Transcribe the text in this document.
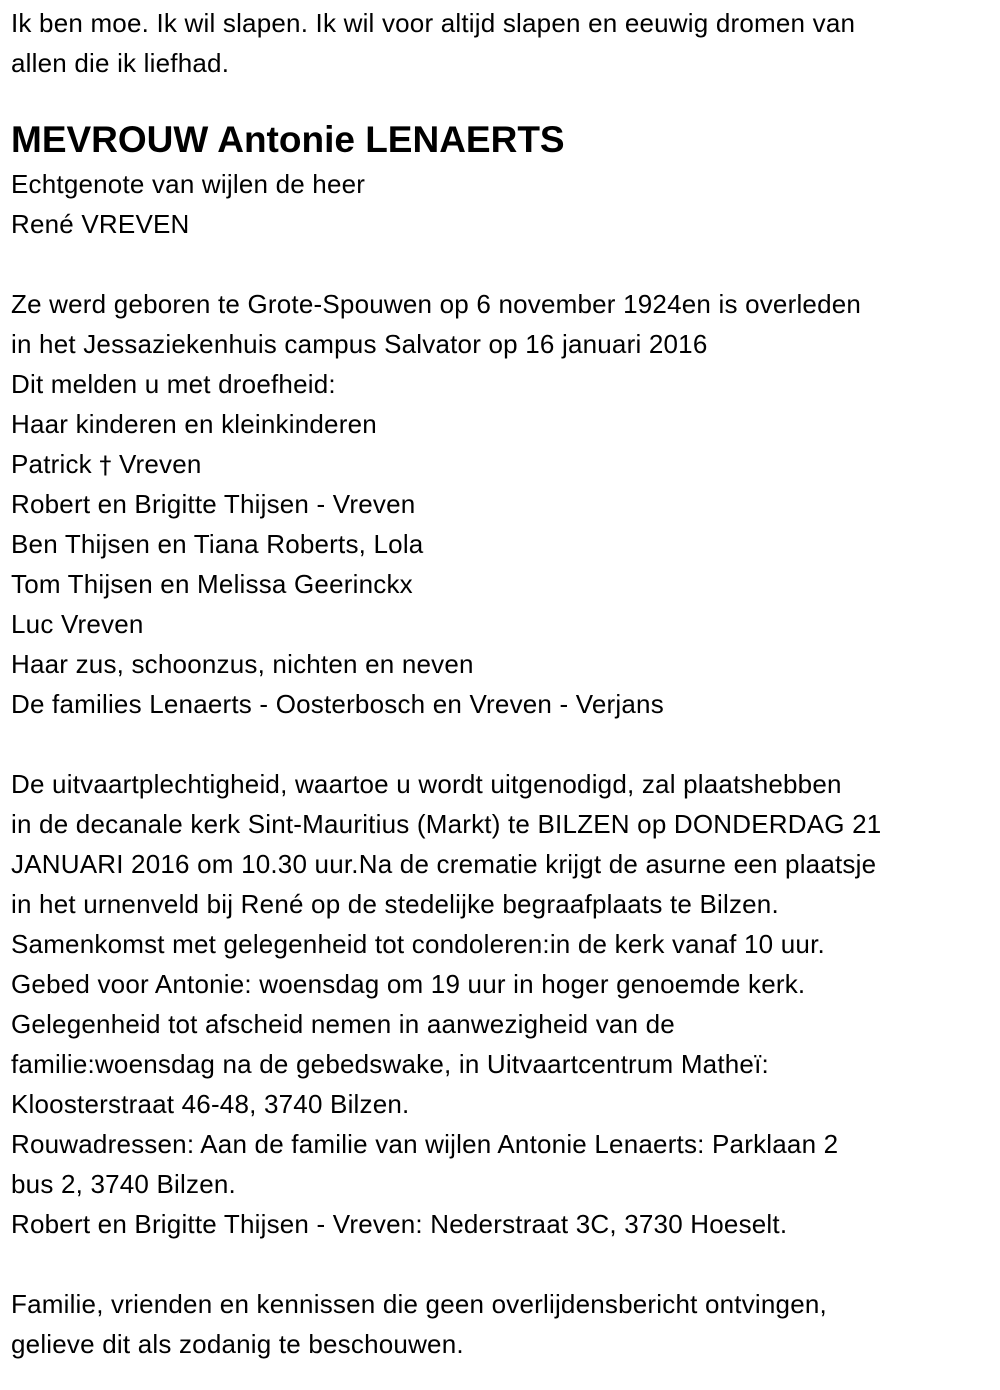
Ik ben moe. Ik wil slapen. Ik wil voor altijd slapen en eeuwig dromen van
allen die ik liefhad.
MEVROUW Antonie LENAERTS
Echtgenote van wijlen de heer
René VREVEN
Ze werd geboren te Grote-Spouwen op 6 november 1924en is overleden
in het Jessaziekenhuis campus Salvator op 16 januari 2016
Dit melden u met droefheid:
Haar kinderen en kleinkinderen
Patrick † Vreven
Robert en Brigitte Thijsen - Vreven
Ben Thijsen en Tiana Roberts, Lola
Tom Thijsen en Melissa Geerinckx
Luc Vreven
Haar zus, schoonzus, nichten en neven
De families Lenaerts - Oosterbosch en Vreven - Verjans
De uitvaartplechtigheid, waartoe u wordt uitgenodigd, zal plaatshebben
in de decanale kerk Sint-Mauritius (Markt) te BILZEN op DONDERDAG 21
JANUARI 2016 om 10.30 uur.Na de crematie krijgt de asurne een plaatsje
in het urnenveld bij René op de stedelijke begraafplaats te Bilzen.
Samenkomst met gelegenheid tot condoleren:in de kerk vanaf 10 uur.
Gebed voor Antonie: woensdag om 19 uur in hoger genoemde kerk.
Gelegenheid tot afscheid nemen in aanwezigheid van de
familie:woensdag na de gebedswake, in Uitvaartcentrum Matheï:
Kloosterstraat 46-48, 3740 Bilzen.
Rouwadressen: Aan de familie van wijlen Antonie Lenaerts: Parklaan 2
bus 2, 3740 Bilzen.
Robert en Brigitte Thijsen - Vreven: Nederstraat 3C, 3730 Hoeselt.
Familie, vrienden en kennissen die geen overlijdensbericht ontvingen,
gelieve dit als zodanig te beschouwen.
